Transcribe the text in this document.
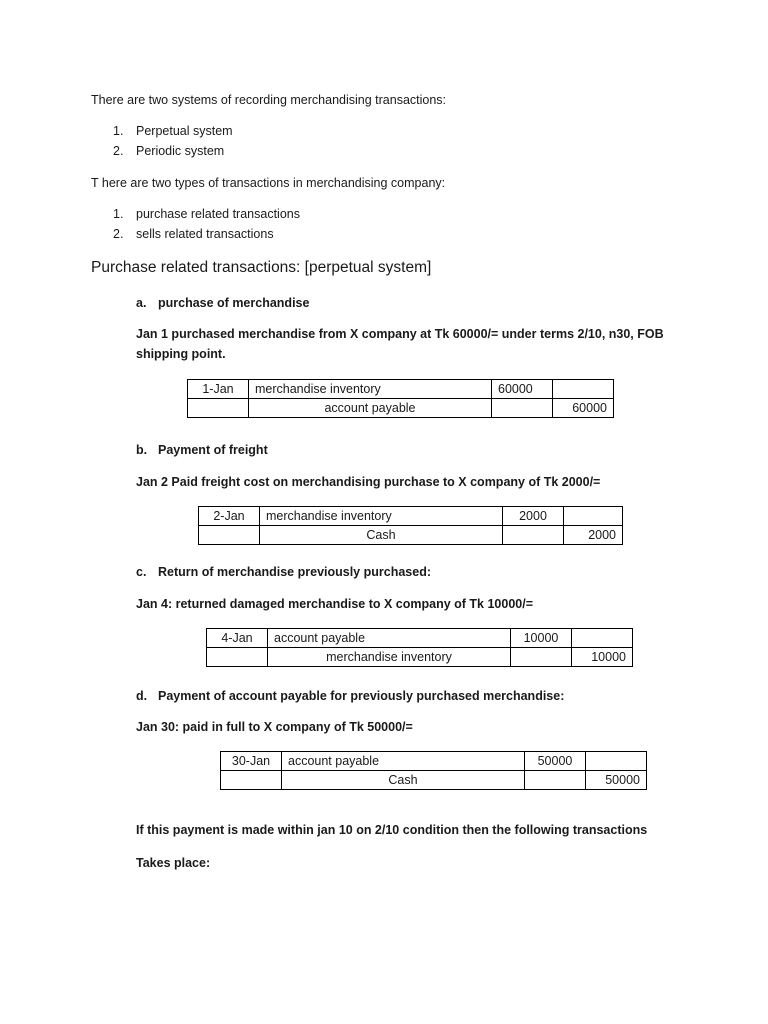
There are two systems of recording merchandising transactions:
1. Perpetual system
2. Periodic system
T here are two types of transactions in merchandising company:
1. purchase related transactions
2. sells related transactions
Purchase related transactions: [perpetual system]
a. purchase of merchandise
Jan 1 purchased merchandise from X company at Tk 60000/= under terms 2/10, n30, FOB
shipping point.
1-Jan	merchandise inventory	60000	
	account payable		60000
b. Payment of freight
Jan 2 Paid freight cost on merchandising purchase to X company of Tk 2000/=
2-Jan	merchandise inventory	2000	
	Cash		2000
c. Return of merchandise previously purchased:
Jan 4: returned damaged merchandise to X company of Tk 10000/=
4-Jan	account payable	10000	
	merchandise inventory		10000
d. Payment of account payable for previously purchased merchandise:
Jan 30: paid in full to X company of Tk 50000/=
30-Jan	account payable	50000	
	Cash		50000
If this payment is made within jan 10 on 2/10 condition then the following transactions
Takes place:
